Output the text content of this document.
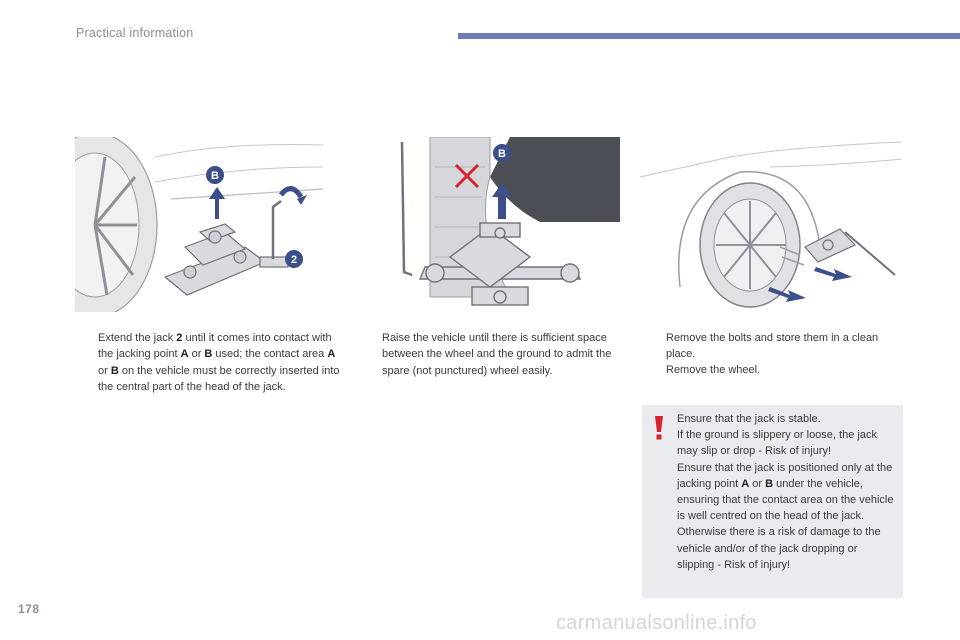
Practical information
B
2
B
Extend the jack 2 until it comes into contact with the jacking point A or B used; the contact area A or B on the vehicle must be correctly inserted into the central part of the head of the jack.
Raise the vehicle until there is sufficient space between the wheel and the ground to admit the spare (not punctured) wheel easily.
Remove the bolts and store them in a clean place.
Remove the wheel.
Ensure that the jack is stable.
If the ground is slippery or loose, the jack may slip or drop - Risk of injury!
Ensure that the jack is positioned only at the jacking point A or B under the vehicle, ensuring that the contact area on the vehicle is well centred on the head of the jack. Otherwise there is a risk of damage to the vehicle and/or of the jack dropping or slipping - Risk of injury!
178
carmanualsonline.info
